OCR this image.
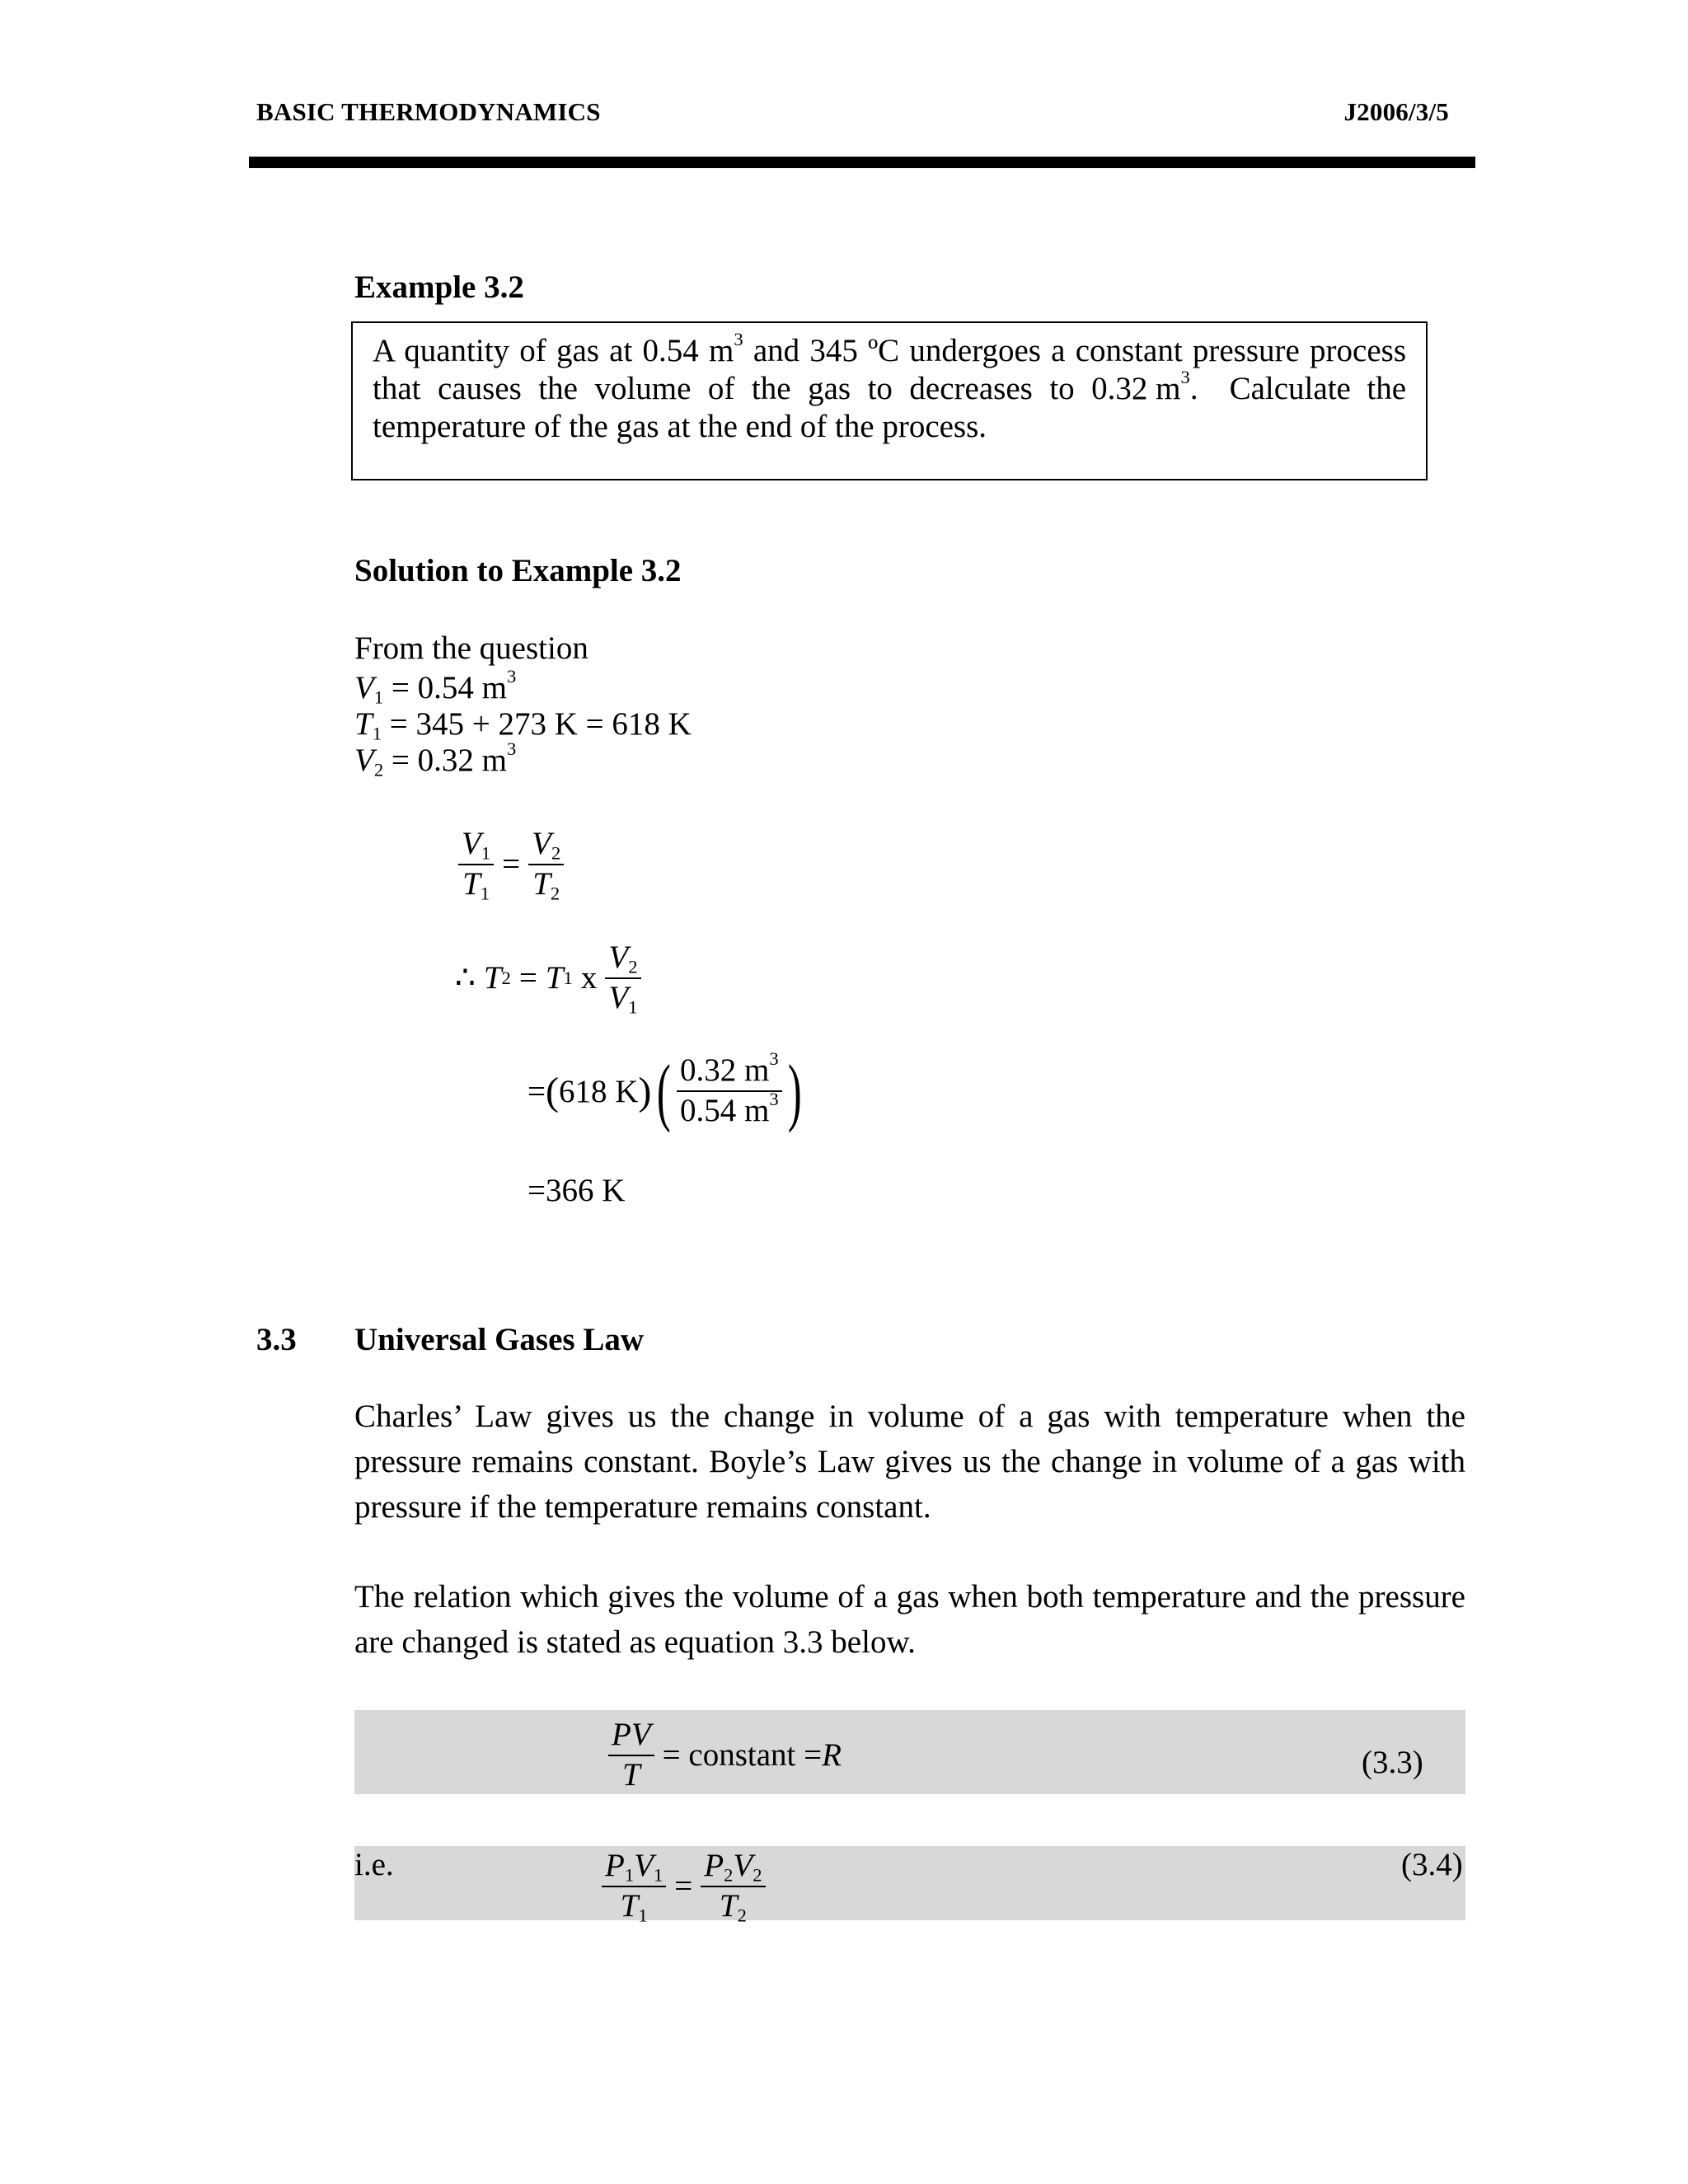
BASIC THERMODYNAMICS	J2006/3/5
Example 3.2
A quantity of gas at 0.54 $m^3$ and 345 ºC undergoes a constant pressure process
that causes the volume of the gas to decreases to 0.32 $m^3$. Calculate  the
temperature of the gas at the end of the process.
Solution to Example 3.2
From the question
$V_1 = 0.54$ $m^3$
$T_1 = 345 + 273$ K = 618 K
$V_2 = 0.32$ $m^3$
$\frac{V_1}{T_1} = \frac{V_2}{T_2}$
∴ T 2 = T 1 x $\frac{V_2}{V_1}$
= ( 618 K ) ( $\frac{0.32 m^3}{0.54 m^3}$ )
= 366 K
3.3 Universal Gases Law
Charles’ Law gives us the change in volume of a gas with temperature when the pressure remains constant. Boyle’s Law gives us the change in volume of a gas with pressure if the temperature remains constant.
The relation which gives the volume of a gas when both temperature and the pressure are changed is stated as equation 3.3 below.
$\frac{PV}{T}$ = constant = R	(3.3)
i.e.	$\frac{P_1V_1}{T_1} = \frac{P_2V_2}{T_2}$	(3.4)
